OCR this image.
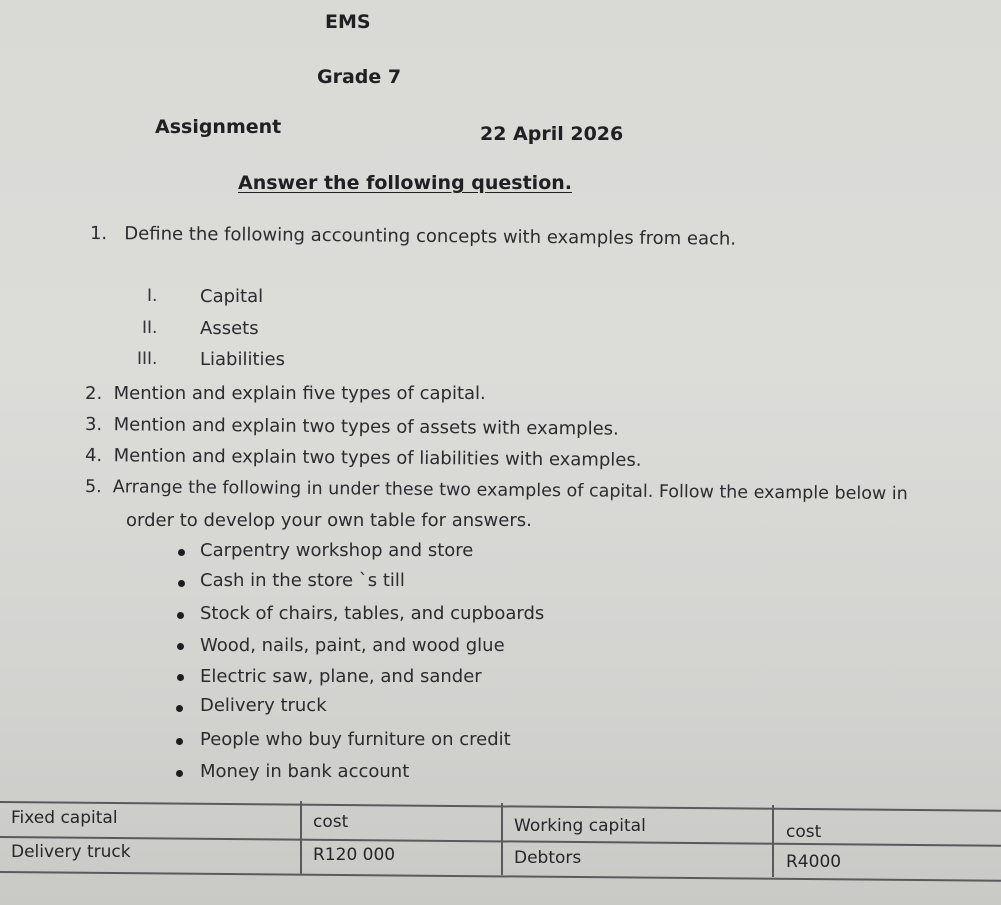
EMS
Grade 7
Assignment	22 April 2026
Answer the following question.
1. Define the following accounting concepts with examples from each.
I. Capital
II. Assets
III. Liabilities
2. Mention and explain five types of capital.
3. Mention and explain two types of assets with examples.
4. Mention and explain two types of liabilities with examples.
5. Arrange the following in under these two examples of capital. Follow the example below in
order to develop your own table for answers.
Carpentry workshop and store
Cash in the store `s till
Stock of chairs, tables, and cupboards
Wood, nails, paint, and wood glue
Electric saw, plane, and sander
Delivery truck
People who buy furniture on credit
Money in bank account
Fixed capital	cost	Working capital	cost
Delivery truck	R120 000	Debtors	R4000
